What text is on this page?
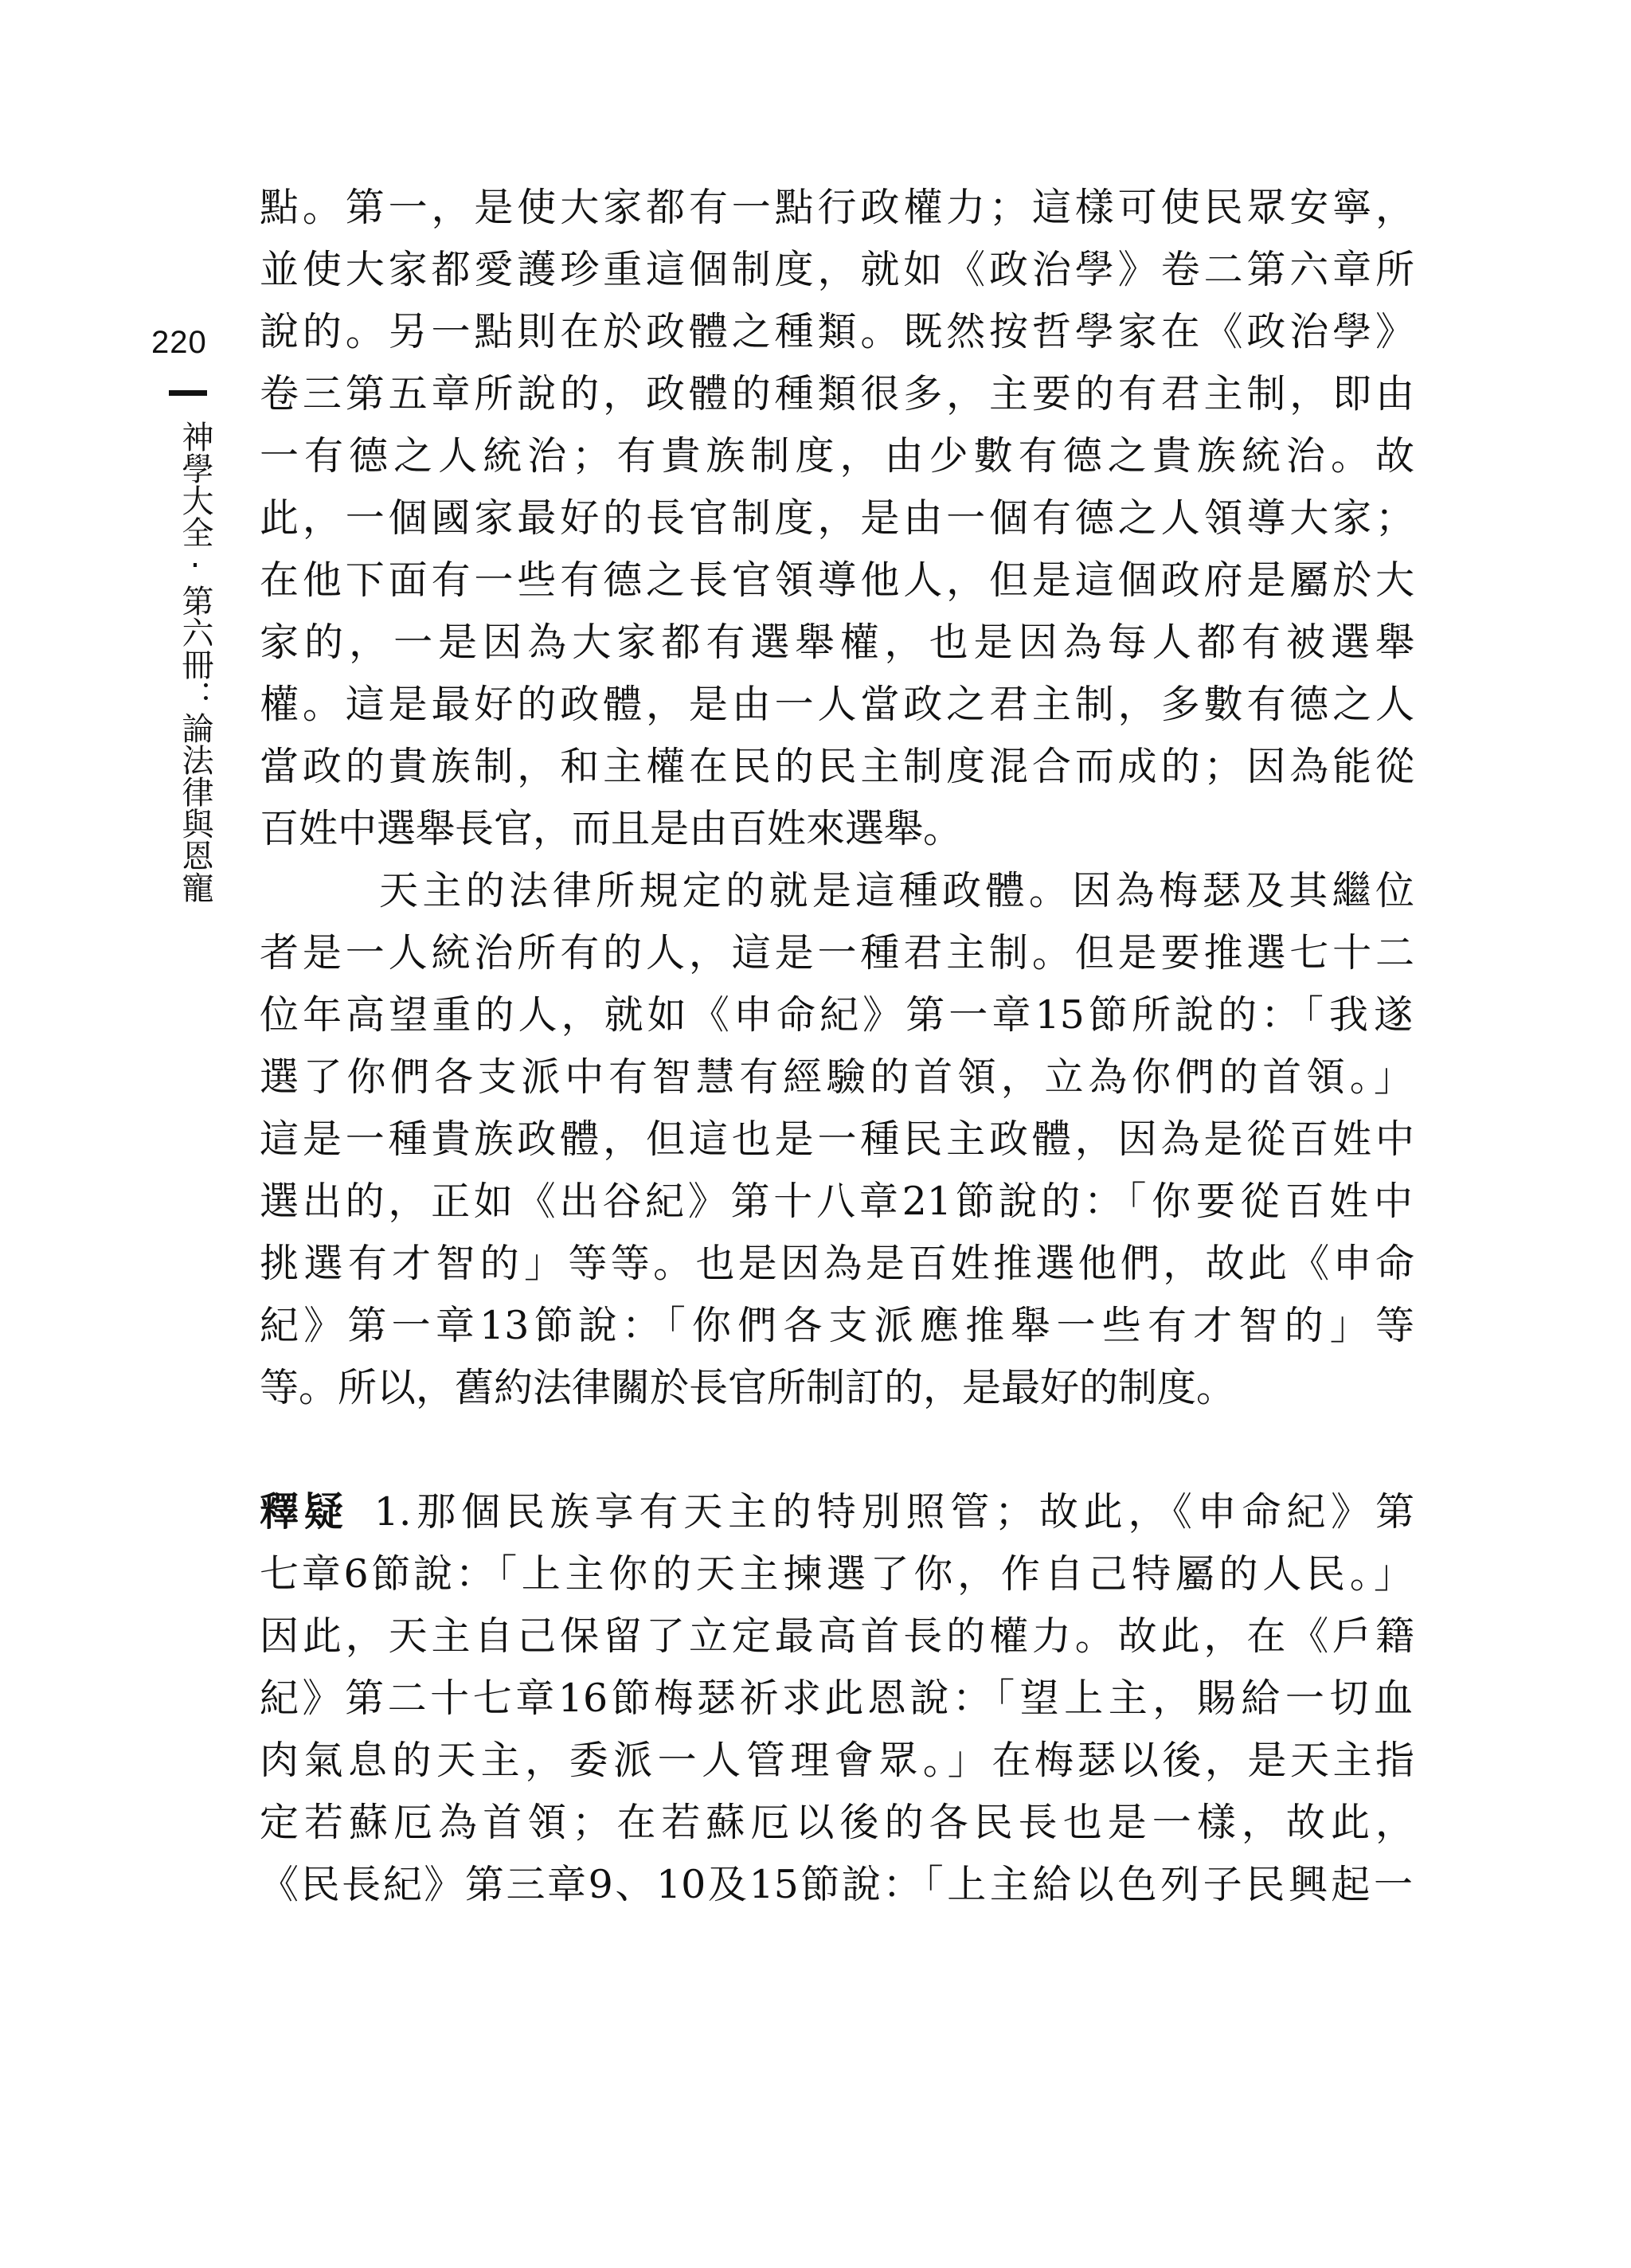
220
神學大全‧第六冊：論法律與恩寵
點。第一，是使大家都有一點行政權力；這樣可使民眾安寧，
並使大家都愛護珍重這個制度，就如《政治學》卷二第六章所
說的。另一點則在於政體之種類。既然按哲學家在《政治學》
卷三第五章所說的，政體的種類很多，主要的有君主制，即由
一有德之人統治；有貴族制度，由少數有德之貴族統治。故
此，一個國家最好的長官制度，是由一個有德之人領導大家；
在他下面有一些有德之長官領導他人，但是這個政府是屬於大
家的，一是因為大家都有選舉權，也是因為每人都有被選舉
權。這是最好的政體，是由一人當政之君主制，多數有德之人
當政的貴族制，和主權在民的民主制度混合而成的；因為能從
百姓中選舉長官，而且是由百姓來選舉。
天主的法律所規定的就是這種政體。因為梅瑟及其繼位
者是一人統治所有的人，這是一種君主制。但是要推選七十二
位年高望重的人，就如《申命紀》第一章15節所說的：「我遂
選了你們各支派中有智慧有經驗的首領，立為你們的首領。」
這是一種貴族政體，但這也是一種民主政體，因為是從百姓中
選出的，正如《出谷紀》第十八章21節說的：「你要從百姓中
挑選有才智的」等等。也是因為是百姓推選他們，故此《申命
紀》第一章13節說：「你們各支派應推舉一些有才智的」等
等。所以，舊約法律關於長官所制訂的，是最好的制度。
釋疑 1.那個民族享有天主的特別照管；故此，《申命紀》第
七章6節說：「上主你的天主揀選了你，作自己特屬的人民。」
因此，天主自己保留了立定最高首長的權力。故此，在《戶籍
紀》第二十七章16節梅瑟祈求此恩說：「望上主，賜給一切血
肉氣息的天主，委派一人管理會眾。」在梅瑟以後，是天主指
定若蘇厄為首領；在若蘇厄以後的各民長也是一樣，故此，
《民長紀》第三章9、10及15節說：「上主給以色列子民興起一
